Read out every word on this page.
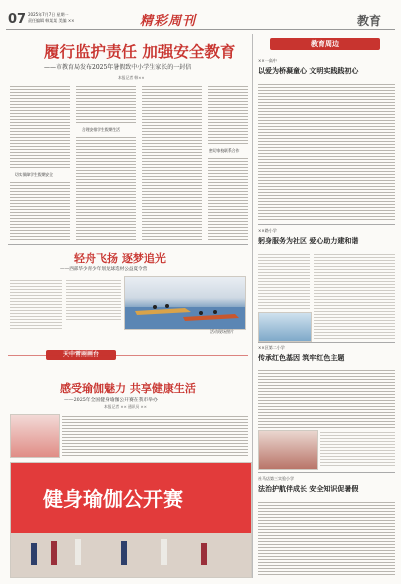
07 2025年7月7日 星期一
责任编辑 韩某某 美编 ××	精彩周刊	教育
履行监护责任 加强安全教育
——市教育局发布2025年暑假致中小学生家长的一封信
本报记者 韩××
切实保障学生假期安全
合理安排学生假期生活
密切家校联系合作
轻舟飞扬 逐梦追光
——西部华少青少年划龙球选材公益夏令营
活动现场照片
感受瑜伽魅力 共享健康生活
——2025年全国健身瑜伽公开赛在我市举办
本报记者 ×× 通讯员 ××
健身瑜伽公开赛
教育周边
××一高中
以爱为桥凝童心 文明实践践初心
××路小学
躬身服务为社区 爱心助力建和谐
××区第二小学
传承红色基因 筑牢红色主题
社马店第三实验小学
法治护航伴成长 安全知识促暑假
